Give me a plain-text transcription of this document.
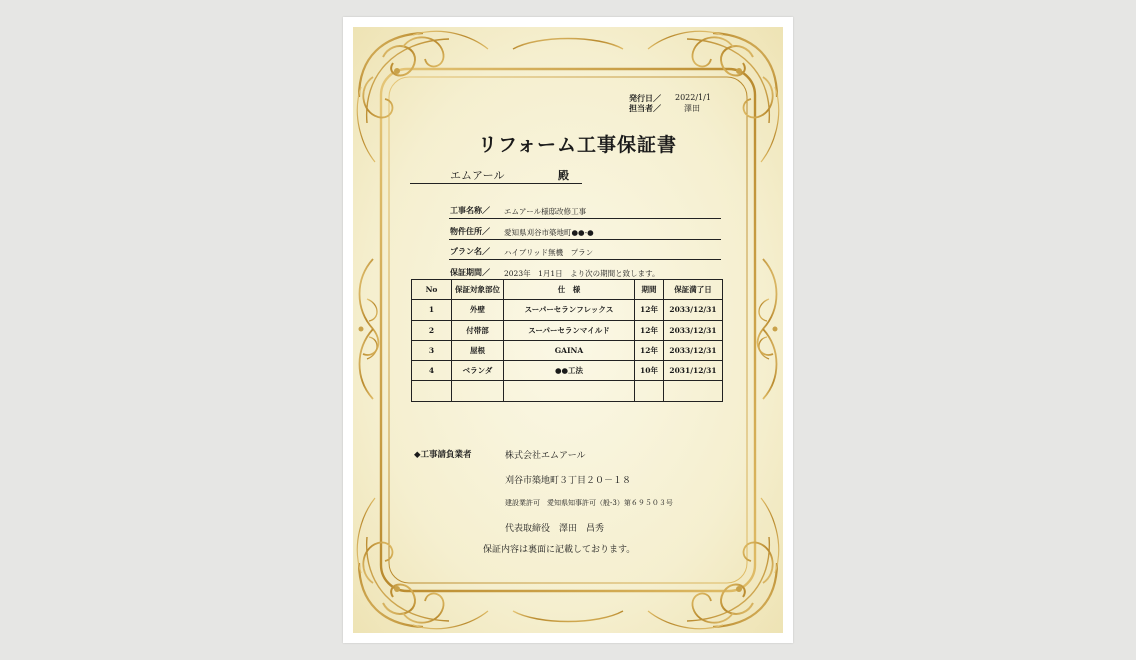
発行日／ 2022/1/1
担当者／	澤田
リフォーム工事保証書
エムアール	殿
工事名称／ エムアール様邸改修工事
物件住所／ 愛知県刈谷市築地町●●-●
プラン名／ ハイブリッド無機　プラン
保証期間／ 2023年　1月1日　より次の期間と致します。
No	保証対象部位	仕　様	期間	保証満了日
1	外壁	スーパーセランフレックス	12年	2033/12/31
2	付帯部	スーパーセランマイルド	12年	2033/12/31
3	屋根	GAINA	12年	2033/12/31
4	ベランダ	●●工法	10年	2031/12/31

◆工事請負業者	株式会社エムアール
刈谷市築地町３丁目２０－１８
建設業許可　愛知県知事許可（般-3）第６９５０３号
代表取締役　澤田　昌秀
保証内容は裏面に記載しております。
